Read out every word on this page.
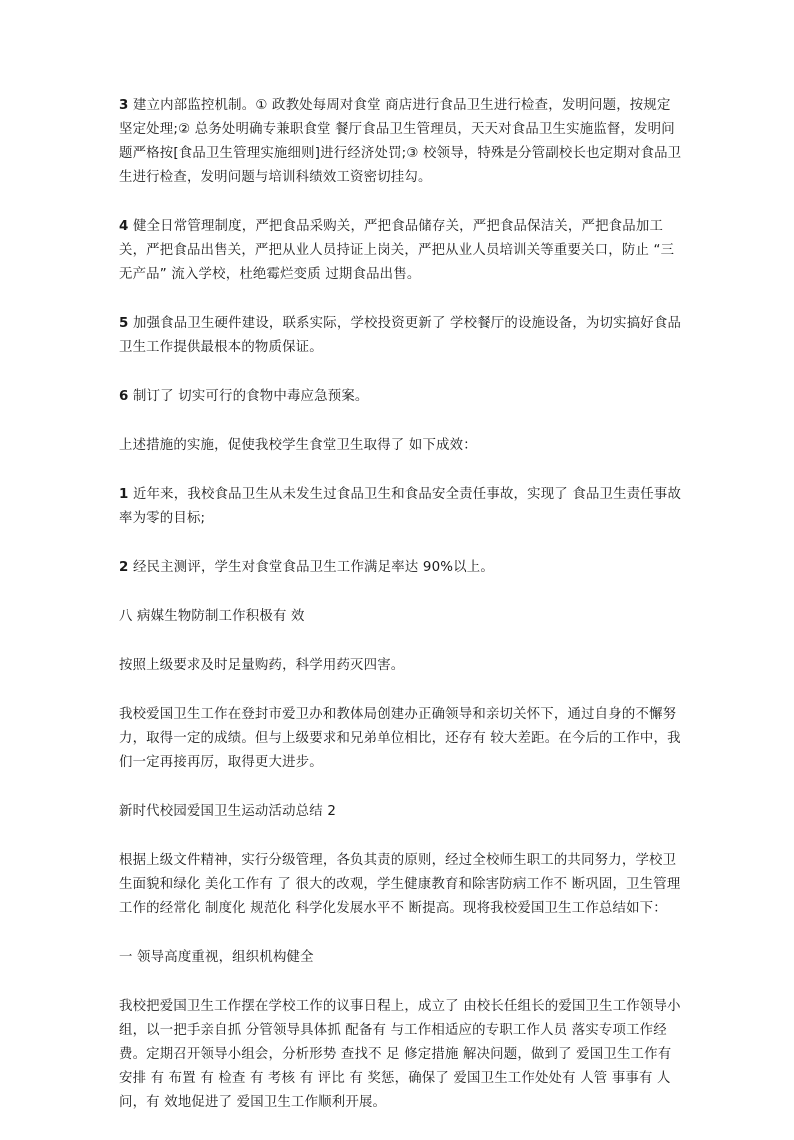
3 建立内部监控机制。① 政教处每周对食堂 商店进行食品卫生进行检查，发明问题，按规定坚定处理;② 总务处明确专兼职食堂 餐厅食品卫生管理员，天天对食品卫生实施监督，发明问题严格按[食品卫生管理实施细则]进行经济处罚;③ 校领导，特殊是分管副校长也定期对食品卫生进行检查，发明问题与培训科绩效工资密切挂勾。

4 健全日常管理制度，严把食品采购关，严把食品储存关，严把食品保洁关，严把食品加工关，严把食品出售关，严把从业人员持证上岗关，严把从业人员培训关等重要关口，防止 “三无产品” 流入学校，杜绝霉烂变质 过期食品出售。

5 加强食品卫生硬件建设，联系实际，学校投资更新了 学校餐厅的设施设备，为切实搞好食品卫生工作提供最根本的物质保证。

6 制订了 切实可行的食物中毒应急预案。

上述措施的实施，促使我校学生食堂卫生取得了 如下成效：

1 近年来，我校食品卫生从未发生过食品卫生和食品安全责任事故，实现了 食品卫生责任事故率为零的目标;

2 经民主测评，学生对食堂食品卫生工作满足率达 90%以上。

八 病媒生物防制工作积极有 效

按照上级要求及时足量购药，科学用药灭四害。

我校爱国卫生工作在登封市爱卫办和教体局创建办正确领导和亲切关怀下，通过自身的不懈努力，取得一定的成绩。但与上级要求和兄弟单位相比，还存有 较大差距。在今后的工作中，我们一定再接再厉，取得更大进步。

新时代校园爱国卫生运动活动总结 2

根据上级文件精神，实行分级管理，各负其责的原则，经过全校师生职工的共同努力，学校卫生面貌和绿化 美化工作有 了 很大的改观，学生健康教育和除害防病工作不 断巩固，卫生管理工作的经常化 制度化 规范化 科学化发展水平不 断提高。现将我校爱国卫生工作总结如下：

一 领导高度重视，组织机构健全

我校把爱国卫生工作摆在学校工作的议事日程上，成立了 由校长任组长的爱国卫生工作领导小组，以一把手亲自抓 分管领导具体抓 配备有 与工作相适应的专职工作人员 落实专项工作经费。定期召开领导小组会，分析形势 查找不 足 修定措施 解决问题，做到了 爱国卫生工作有 安排 有 布置 有 检查 有 考核 有 评比 有 奖惩，确保了 爱国卫生工作处处有 人管 事事有 人问，有 效地促进了 爱国卫生工作顺利开展。
